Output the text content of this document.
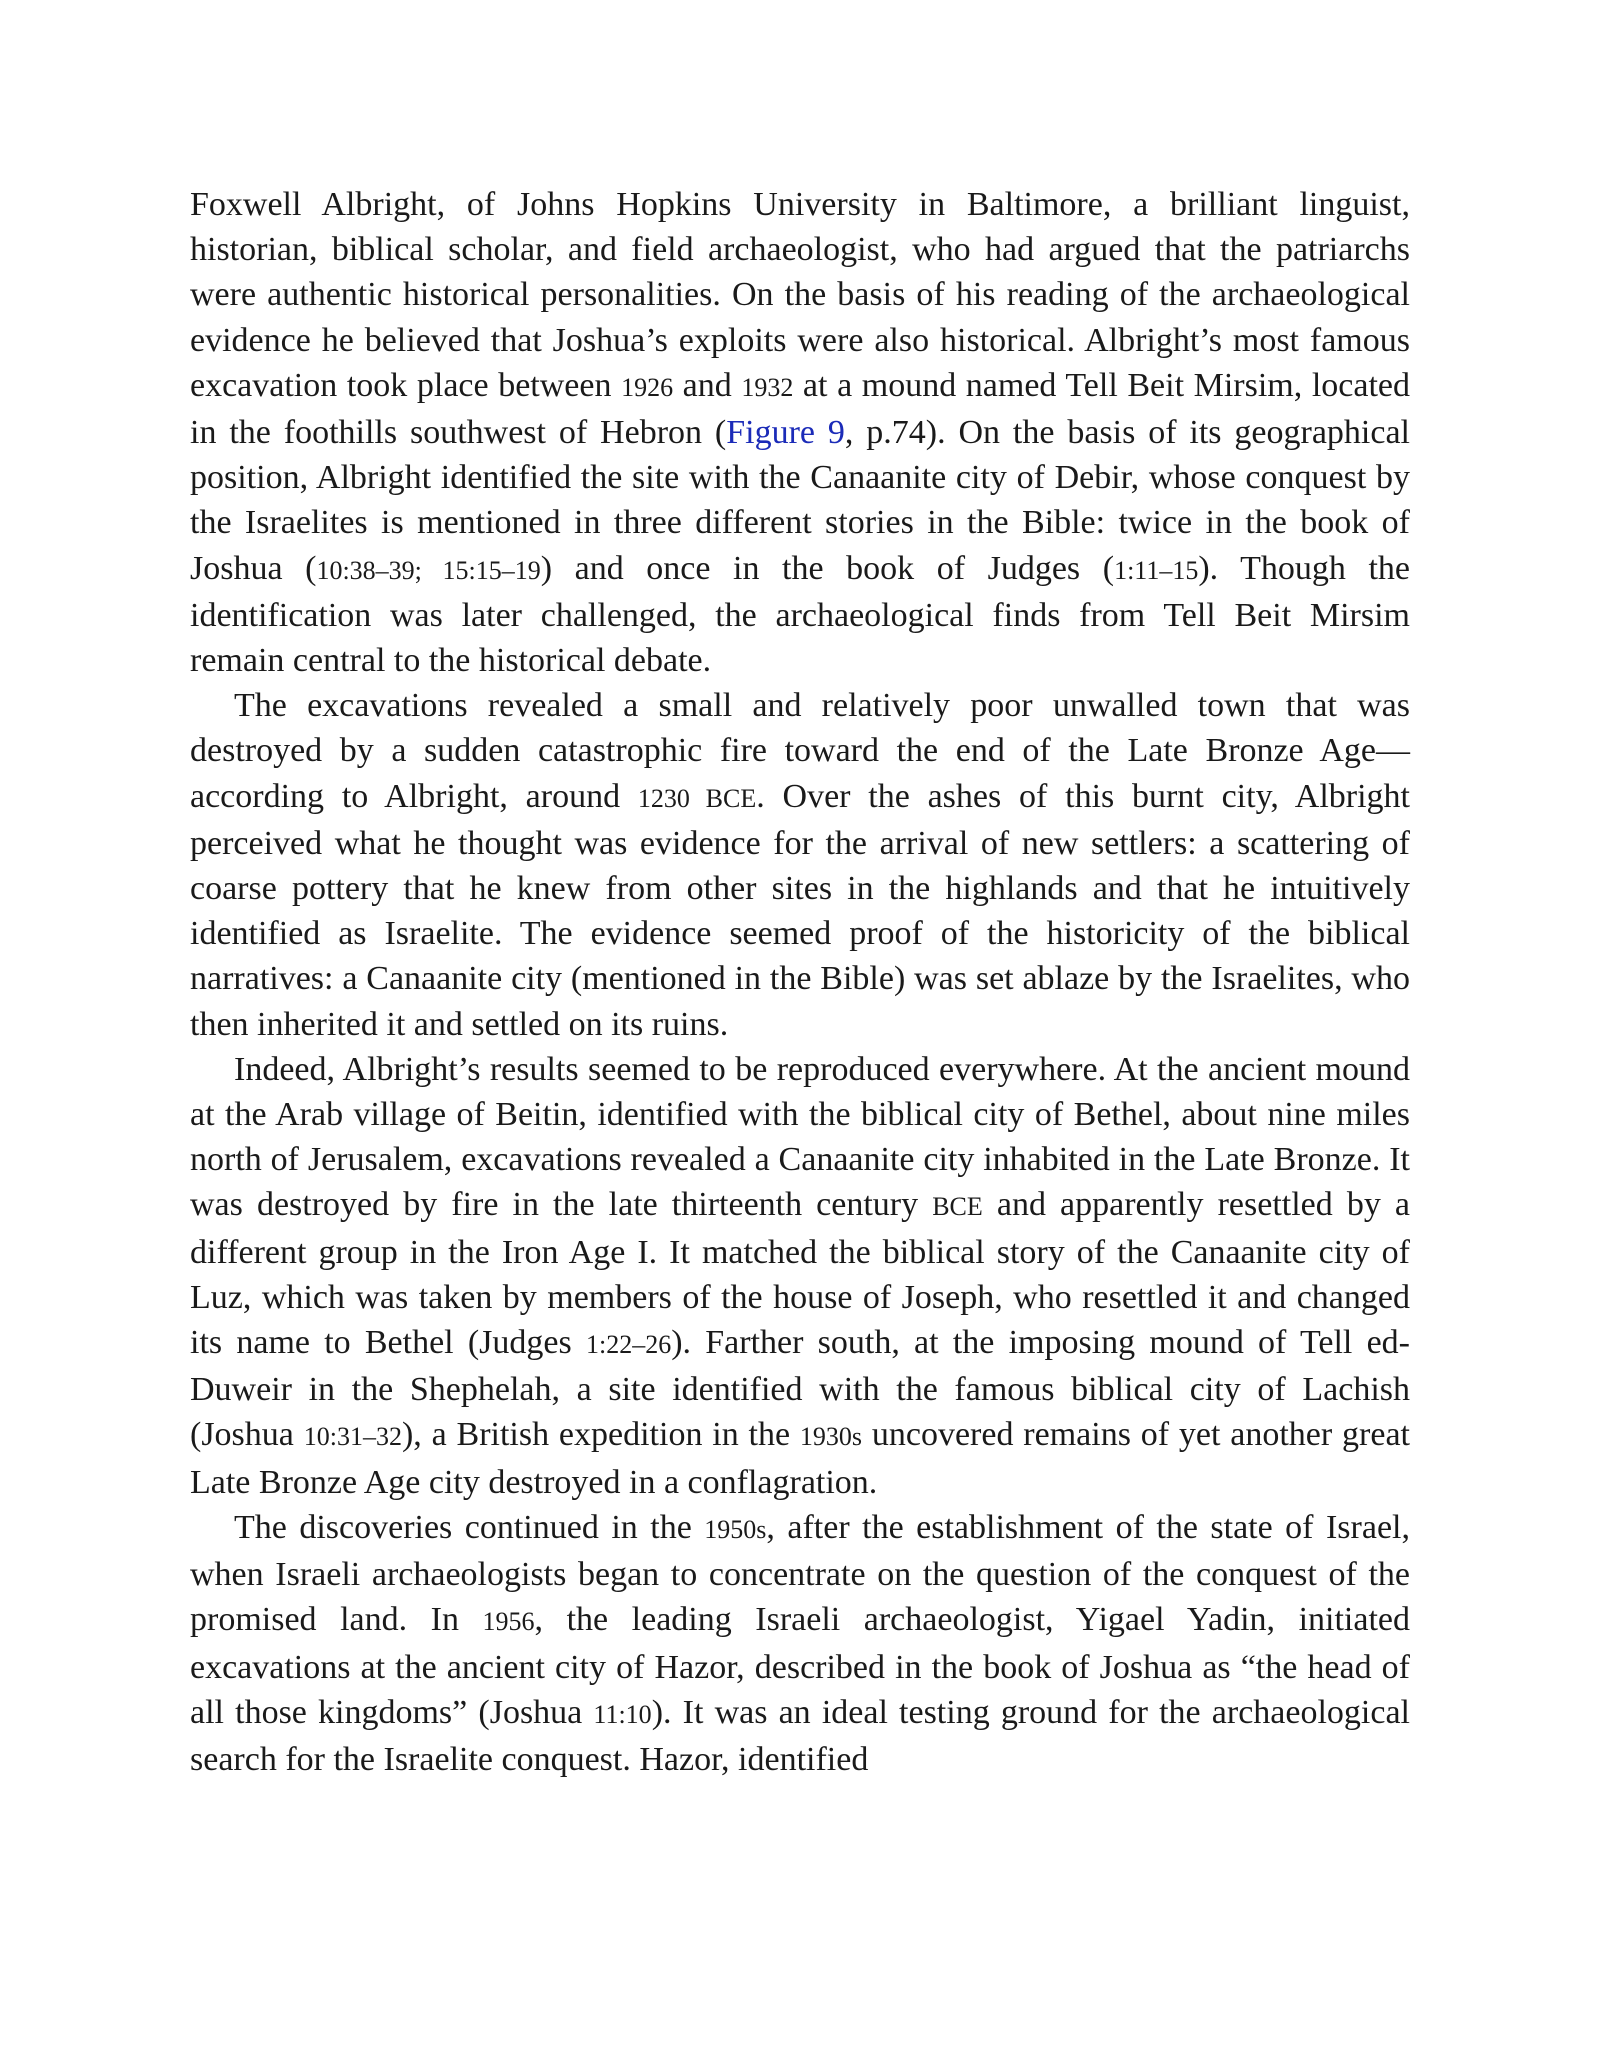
Foxwell Albright, of Johns Hopkins University in Baltimore, a brilliant linguist, historian, biblical scholar, and field archaeologist, who had argued that the patriarchs were authentic historical personalities. On the basis of his reading of the archaeological evidence he believed that Joshua’s exploits were also historical. Albright’s most famous excavation took place between 1926 and 1932 at a mound named Tell Beit Mirsim, located in the foothills southwest of Hebron (Figure 9, p.74). On the basis of its geographical position, Albright identified the site with the Canaanite city of Debir, whose conquest by the Israelites is mentioned in three different stories in the Bible: twice in the book of Joshua (10:38–39; 15:15–19) and once in the book of Judges (1:11–15). Though the identification was later challenged, the archaeological finds from Tell Beit Mirsim remain central to the historical debate.

The excavations revealed a small and relatively poor unwalled town that was destroyed by a sudden catastrophic fire toward the end of the Late Bronze Age—according to Albright, around 1230 BCE. Over the ashes of this burnt city, Albright perceived what he thought was evidence for the arrival of new settlers: a scattering of coarse pottery that he knew from other sites in the highlands and that he intuitively identified as Israelite. The evidence seemed proof of the historicity of the biblical narratives: a Canaanite city (mentioned in the Bible) was set ablaze by the Israelites, who then inherited it and settled on its ruins.

Indeed, Albright’s results seemed to be reproduced everywhere. At the ancient mound at the Arab village of Beitin, identified with the biblical city of Bethel, about nine miles north of Jerusalem, excavations revealed a Canaanite city inhabited in the Late Bronze. It was destroyed by fire in the late thirteenth century BCE and apparently resettled by a different group in the Iron Age I. It matched the biblical story of the Canaanite city of Luz, which was taken by members of the house of Joseph, who resettled it and changed its name to Bethel (Judges 1:22–26). Farther south, at the imposing mound of Tell ed-Duweir in the Shephelah, a site identified with the famous biblical city of Lachish (Joshua 10:31–32), a British expedition in the 1930s uncovered remains of yet another great Late Bronze Age city destroyed in a conflagration.

The discoveries continued in the 1950s, after the establishment of the state of Israel, when Israeli archaeologists began to concentrate on the question of the conquest of the promised land. In 1956, the leading Israeli archaeologist, Yigael Yadin, initiated excavations at the ancient city of Hazor, described in the book of Joshua as “the head of all those kingdoms” (Joshua 11:10). It was an ideal testing ground for the archaeological search for the Israelite conquest. Hazor, identified
